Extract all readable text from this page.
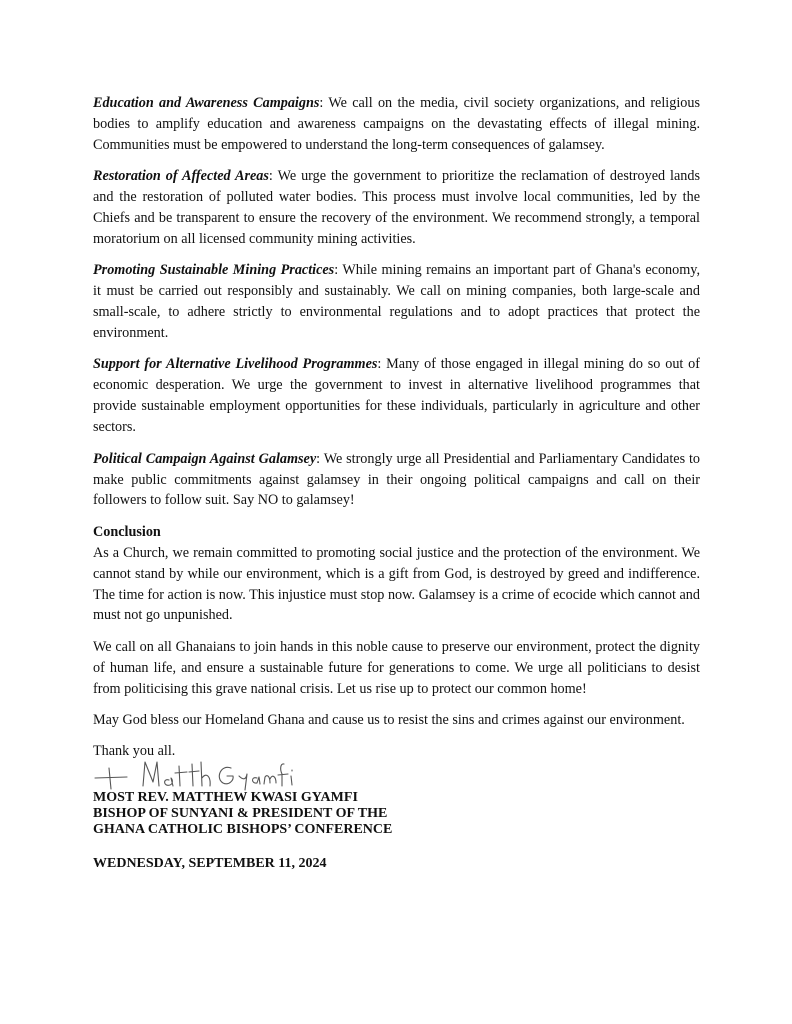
Education and Awareness Campaigns: We call on the media, civil society organizations, and religious bodies to amplify education and awareness campaigns on the devastating effects of illegal mining. Communities must be empowered to understand the long-term consequences of galamsey.

Restoration of Affected Areas: We urge the government to prioritize the reclamation of destroyed lands and the restoration of polluted water bodies. This process must involve local communities, led by the Chiefs and be transparent to ensure the recovery of the environment. We recommend strongly, a temporal moratorium on all licensed community mining activities.

Promoting Sustainable Mining Practices: While mining remains an important part of Ghana's economy, it must be carried out responsibly and sustainably. We call on mining companies, both large-scale and small-scale, to adhere strictly to environmental regulations and to adopt practices that protect the environment.

Support for Alternative Livelihood Programmes: Many of those engaged in illegal mining do so out of economic desperation. We urge the government to invest in alternative livelihood programmes that provide sustainable employment opportunities for these individuals, particularly in agriculture and other sectors.

Political Campaign Against Galamsey: We strongly urge all Presidential and Parliamentary Candidates to make public commitments against galamsey in their ongoing political campaigns and call on their followers to follow suit. Say NO to galamsey!

Conclusion

As a Church, we remain committed to promoting social justice and the protection of the environment. We cannot stand by while our environment, which is a gift from God, is destroyed by greed and indifference. The time for action is now. This injustice must stop now. Galamsey is a crime of ecocide which cannot and must not go unpunished.

We call on all Ghanaians to join hands in this noble cause to preserve our environment, protect the dignity of human life, and ensure a sustainable future for generations to come. We urge all politicians to desist from politicising this grave national crisis. Let us rise up to protect our common home!

May God bless our Homeland Ghana and cause us to resist the sins and crimes against our environment.

Thank you all.

MOST REV. MATTHEW KWASI GYAMFI

BISHOP OF SUNYANI & PRESIDENT OF THE

GHANA CATHOLIC BISHOPS’ CONFERENCE

WEDNESDAY, SEPTEMBER 11, 2024
